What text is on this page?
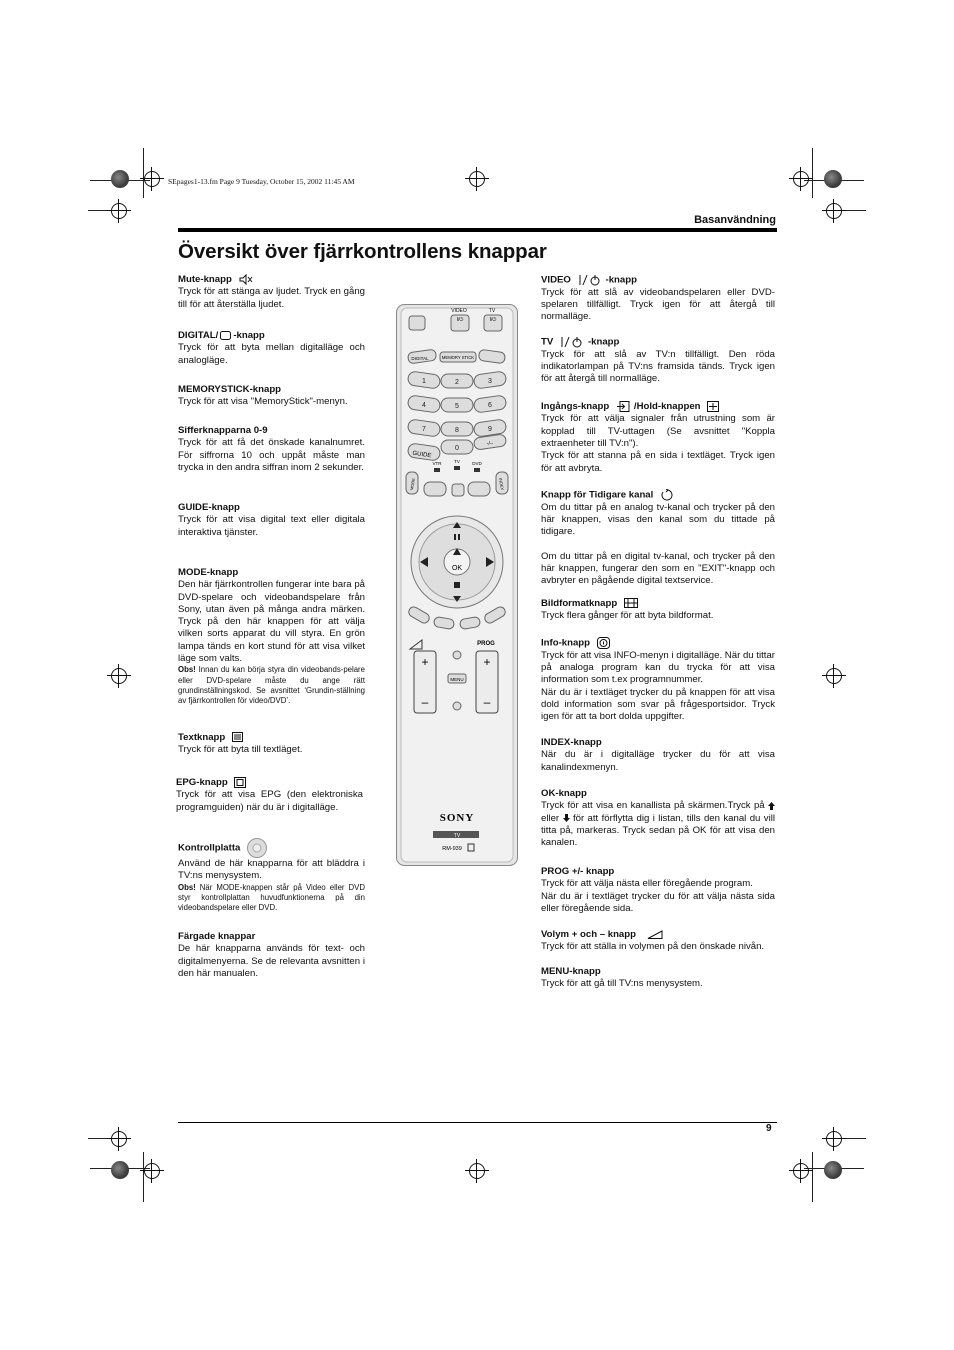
SEpages1-13.fm Page 9 Tuesday, October 15, 2002 11:45 AM
Basanvändning
Översikt över fjärrkontrollens knappar
Mute-knapp
Tryck för att stänga av ljudet. Tryck en gång till för att återställa ljudet.
DIGITAL/ -knapp
Tryck för att byta mellan digitalläge och analogläge.
MEMORYSTICK-knapp
Tryck för att visa "MemoryStick"-menyn.
Sifferknapparna 0-9
Tryck för att få det önskade kanalnumret. För siffrorna 10 och uppåt måste man trycka in den andra siffran inom 2 sekunder.
GUIDE-knapp
Tryck för att visa digital text eller digitala interaktiva tjänster.
MODE-knapp
Den här fjärrkontrollen fungerar inte bara på DVD-spelare och videobandspelare från Sony, utan även på många andra märken. Tryck på den här knappen för att välja vilken sorts apparat du vill styra. En grön lampa tänds en kort stund för att visa vilket läge som valts.
Obs! Innan du kan börja styra din videobands-pelare eller DVD-spelare måste du ange rätt grundinställningskod. Se avsnittet ‘Grundin-ställning av fjärrkontrollen för video/DVD’.
Textknapp
Tryck för att byta till textläget.
EPG-knapp
Tryck för att visa EPG (den elektroniska programguiden) när du är i digitalläge.
Kontrollplatta
Använd de här knapparna för att bläddra i TV:ns menysystem.
Obs! När MODE-knappen står på Video eller DVD styr kontrollplattan huvudfunktionerna på din videobandspelare eller DVD.
Färgade knappar
De här knapparna används för text- och digitalmenyerna. Se de relevanta avsnitten i den här manualen.
VIDEO	TV
I/⏻	I/⏻
DIGITAL	MEMORY STICK
1	2	3
4	5	6
7	8	9
0
-/--
GUIDE
VTR	TV	DVD
MODE	INDEX
OK
PROG
+
–
+
–
MENU
SONY
TV
RM-939
VIDEO	-knapp
Tryck för att slå av videobandspelaren eller DVD-spelaren tillfälligt. Tryck igen för att återgå till normalläge.
TV	-knapp
Tryck för att slå av TV:n tillfälligt. Den röda indikatorlampan på TV:ns framsida tänds. Tryck igen för att återgå till normalläge.
Ingångs-knapp	/Hold-knappen
Tryck för att välja signaler från utrustning som är kopplad till TV-uttagen (Se avsnittet "Koppla extraenheter till TV:n").
Tryck för att stanna på en sida i textläget. Tryck igen för att avbryta.
Knapp för Tidigare kanal
Om du tittar på en analog tv-kanal och trycker på den här knappen, visas den kanal som du tittade på tidigare.
Om du tittar på en digital tv-kanal, och trycker på den här knappen, fungerar den som en "EXIT"-knapp och avbryter en pågående digital textservice.
Bildformatknapp
Tryck flera gånger för att byta bildformat.
Info-knapp
Tryck för att visa INFO-menyn i digitalläge. När du tittar på analoga program kan du trycka för att visa information som t.ex programnummer.
När du är i textläget trycker du på knappen för att visa dold information som svar på frågesportsidor. Tryck igen för att ta bort dolda uppgifter.
INDEX-knapp
När du är i digitalläge trycker du för att visa kanalindexmenyn.
OK-knapp
Tryck för att visa en kanallista på skärmen.Tryck på  eller för att förflytta dig i listan, tills den kanal du vill titta på, markeras. Tryck sedan på OK för att visa den kanalen.
PROG +/- knapp
Tryck för att välja nästa eller föregående program.
När du är i textläget trycker du för att välja nästa sida eller föregående sida.
Volym + och – knapp
Tryck för att ställa in volymen på den önskade nivån.
MENU-knapp
Tryck för att gå till TV:ns menysystem.
9
